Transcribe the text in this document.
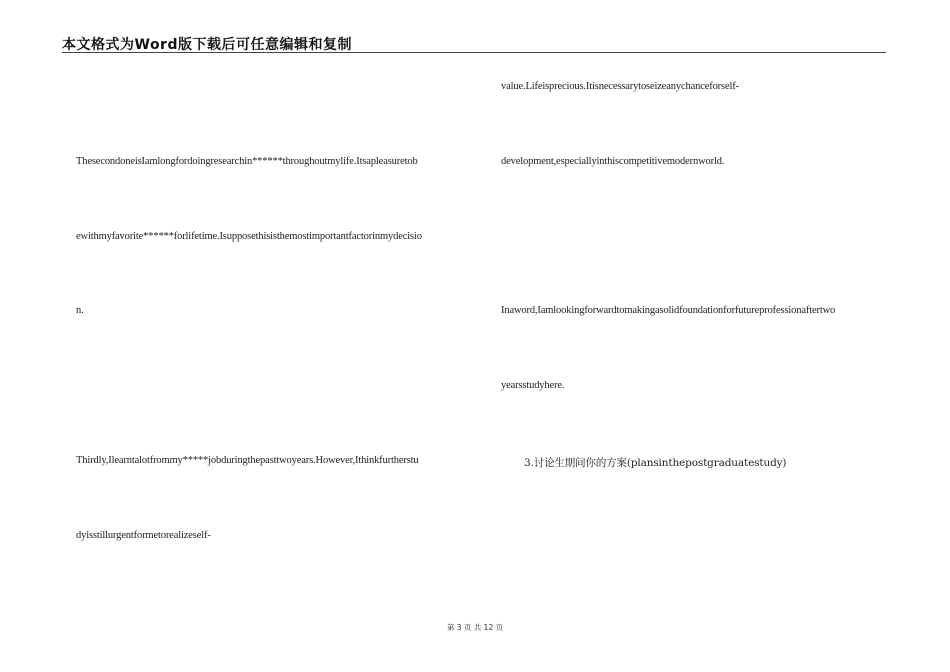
本文格式为Word版下载后可任意编辑和复制
ThesecondoneisIamlongfordoingresearchin******throughoutmylife.Itsapleasuretob
ewithmyfavorite******forlifetime.Isupposethisisthemostimportantfactorinmydecisio
n.
Thirdly,Ilearntalotfrommy*****jobduringthepasttwoyears.However,Ithinkfurtherstu
dyisstillurgentformetorealizeself-
value.Lifeisprecious.Itisnecessarytoseizeanychanceforself-
development,especiallyinthiscompetitivemodernworld.
Inaword,Iamlookingforwardtomakingasolidfoundationforfutureprofessionaftertwo
yearsstudyhere.
3.讨论生期间你的方案(plansinthepostgraduatestudy)
第 3 页 共 12 页
